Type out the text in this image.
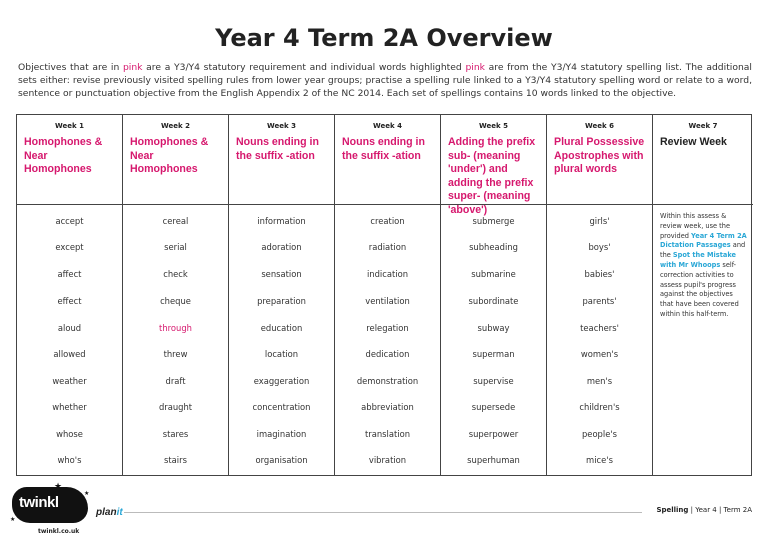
Year 4 Term 2A Overview
Objectives that are in pink are a Y3/Y4 statutory requirement and individual words highlighted pink are from the Y3/Y4 statutory spelling list. The additional sets either: revise previously visited spelling rules from lower year groups; practise a spelling rule linked to a Y3/Y4 statutory spelling word or relate to a word, sentence or punctuation objective from the English Appendix 2 of the NC 2014. Each set of spellings contains 10 words linked to the objective.
Week 1
Homophones & Near Homophones
accept
except
affect
effect
aloud
allowed
weather
whether
whose
who's
Week 2
Homophones & Near Homophones
cereal
serial
check
cheque
through
threw
draft
draught
stares
stairs
Week 3
Nouns ending in the suffix -ation
information
adoration
sensation
preparation
education
location
exaggeration
concentration
imagination
organisation
Week 4
Nouns ending in the suffix -ation
creation
radiation
indication
ventilation
relegation
dedication
demonstration
abbreviation
translation
vibration
Week 5
Adding the prefix sub- (meaning 'under') and adding the prefix super- (meaning 'above')
submerge
subheading
submarine
subordinate
subway
superman
supervise
supersede
superpower
superhuman
Week 6
Plural Possessive Apostrophes with plural words
girls'
boys'
babies'
parents'
teachers'
women's
men's
children's
people's
mice's
Week 7
Review Week
Within this assess & review week, use the provided Year 4 Term 2A Dictation Passages and the Spot the Mistake with Mr Whoops self-correction activities to assess pupil's progress against the objectives that have been covered within this half-term.
Spelling | Year 4 | Term 2A
twinkl
★
★
★
twinkl.co.uk
planit
